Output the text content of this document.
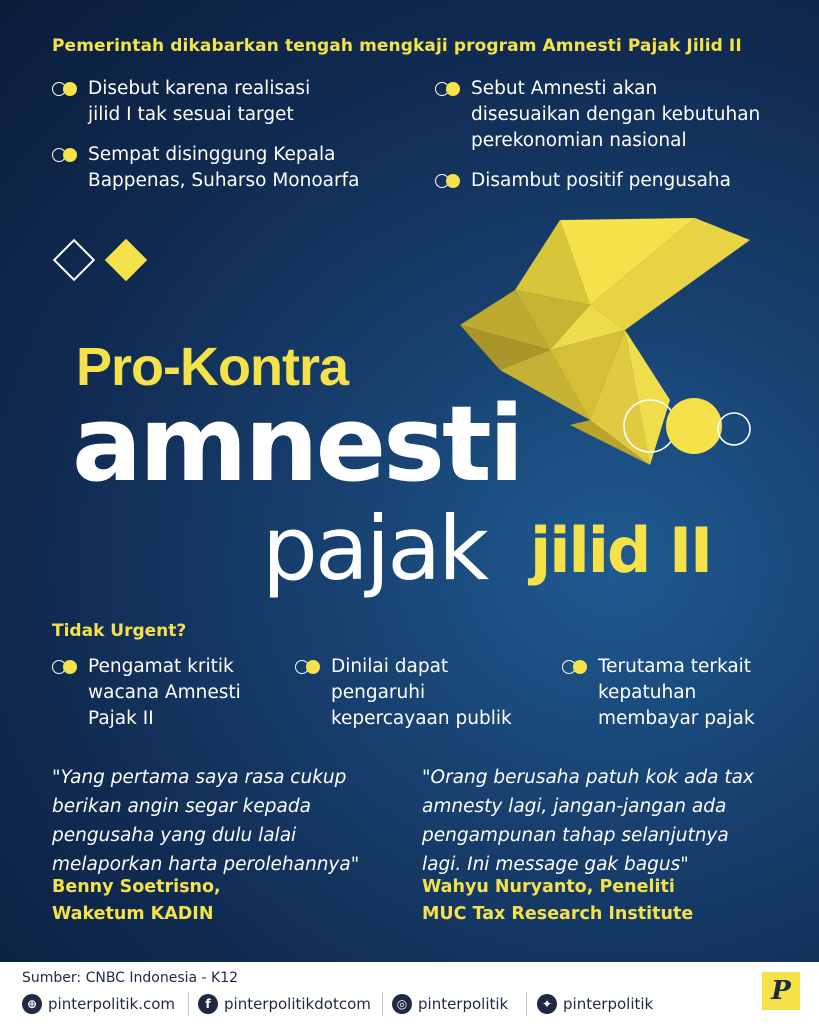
Pemerintah dikabarkan tengah mengkaji program Amnesti Pajak Jilid II
Disebut karena realisasi
jilid I tak sesuai target
Sempat disinggung Kepala
Bappenas, Suharso Monoarfa
Sebut Amnesti akan
disesuaikan dengan kebutuhan
perekonomian nasional
Disambut positif pengusaha
Pro-Kontra
amnesti
pajak jilid II
Tidak Urgent?
Pengamat kritik
wacana Amnesti
Pajak II
Dinilai dapat
pengaruhi
kepercayaan publik
Terutama terkait
kepatuhan
membayar pajak
"Yang pertama saya rasa cukup
berikan angin segar kepada
pengusaha yang dulu lalai
melaporkan harta perolehannya"
Benny Soetrisno,
Waketum KADIN
"Orang berusaha patuh kok ada tax
amnesty lagi, jangan-jangan ada
pengampunan tahap selanjutnya
lagi. Ini message gak bagus"
Wahyu Nuryanto, Peneliti
MUC Tax Research Institute
Sumber: CNBC Indonesia - K12
⊕ pinterpolitik.com	f pinterpolitikdotcom	◎ pinterpolitik	✦ pinterpolitik	P
